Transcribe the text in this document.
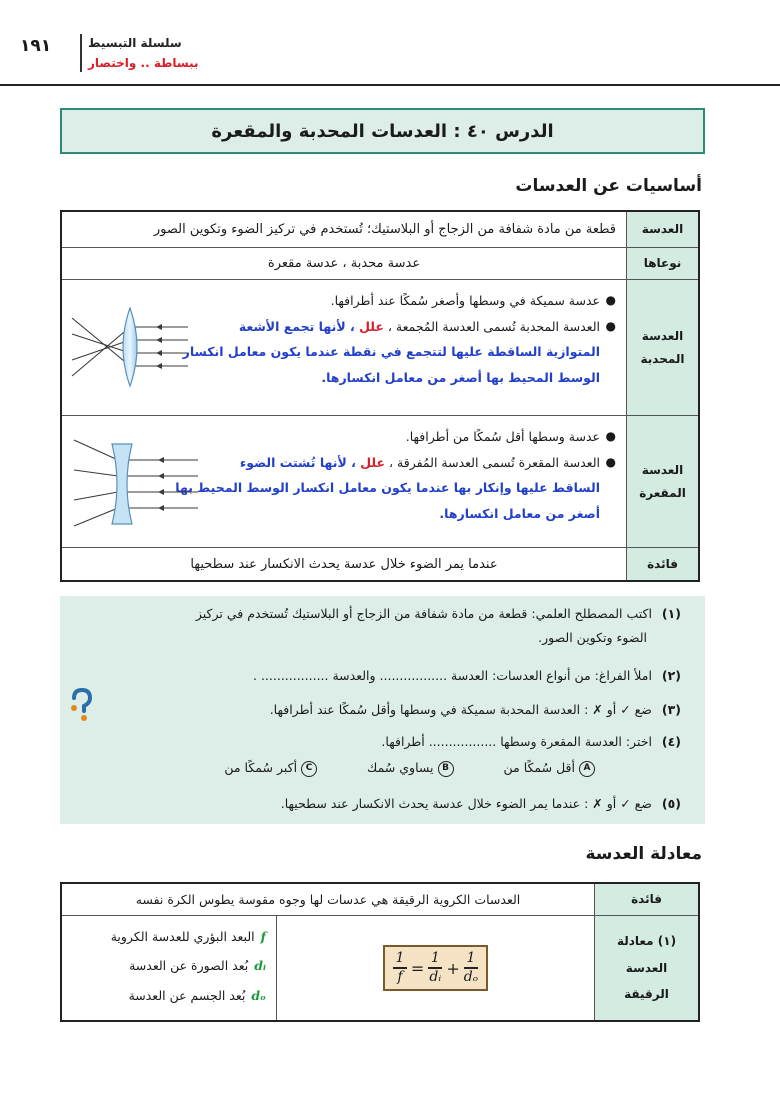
١٩١	سلسلة التبسيط
ببساطة .. واختصار
الدرس ٤٠ : العدسات المحدبة والمقعرة
أساسيات عن العدسات
العدسة
قطعة من مادة شفافة من الزجاج أو البلاستيك؛ تُستخدم في تركيز الضوء وتكوين الصور
نوعاها
عدسة محدبة ، عدسة مقعرة
العدسة المحدبة
●
عدسة سميكة في وسطها وأصغر سُمكًا عند أطرافها.
●
العدسة المحدبة تُسمى العدسة المُجمعة ، علل ، لأنها تجمع الأشعة
المتوازية الساقطة عليها لتتجمع في نقطة عندما يكون معامل انكسار
الوسط المحيط بها أصغر من معامل انكسارها.
العدسة المقعرة
●
عدسة وسطها أقل سُمكًا من أطرافها.
●
العدسة المقعرة تُسمى العدسة المُفرقة ، علل ، لأنها تُشتت الضوء
الساقط عليها وإنكار بها عندما يكون معامل انكسار الوسط المحيط بها
أصغر من معامل انكسارها.
فائدة
عندما يمر الضوء خلال عدسة يحدث الانكسار عند سطحيها
(١)اكتب المصطلح العلمي: قطعة من مادة شفافة من الزجاج أو البلاستيك تُستخدم في تركيز
الضوء وتكوين الصور.
(٢)املأ الفراغ: من أنواع العدسات: العدسة ................. والعدسة ................. .
(٣)ضع ✓ أو ✗ : العدسة المحدبة سميكة في وسطها وأقل سُمكًا عند أطرافها.
(٤)اختر: العدسة المقعرة وسطها ................. أطرافها.
Aأقل سُمكًا من
Bيساوي سُمك
Cأكبر سُمكًا من
(٥)ضع ✓ أو ✗ : عندما يمر الضوء خلال عدسة يحدث الانكسار عند سطحيها.
معادلة العدسة
فائدة
العدسات الكروية الرقيقة هي عدسات لها وجوه مقوسة يطوس الكرة نفسه
(١) معادلة العدسة الرقيقة
$\frac{1}{f} = \frac{1}{\text{dᵢ}} + \frac{1}{\text{dₒ}}$
fالبعد البؤري للعدسة الكروية
dᵢبُعد الصورة عن العدسة
dₒبُعد الجسم عن العدسة
